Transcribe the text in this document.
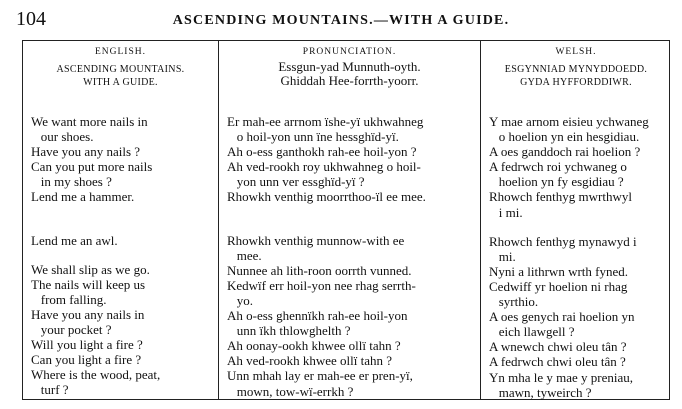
104	ASCENDING MOUNTAINS.—WITH A GUIDE.
ENGLISH.
ASCENDING MOUNTAINS.
WITH A GUIDE.
We want more nails in
our shoes.
Have you any nails ?
Can you put more nails
in my shoes ?
Lend me a hammer.
Lend me an awl.
We shall slip as we go.
The nails will keep us
from falling.
Have you any nails in
your pocket ?
Will you light a fire ?
Can you light a fire ?
Where is the wood, peat,
turf ?
PRONUNCIATION.
Essgun-yad Munnuth-oyth.
Ghiddah Hee-forrth-yoorr.
Er mah-ee arrnom ïshe-yï ukhwahneg
o hoil-yon unn ïne hessghïd-yï.
Ah o-ess ganthokh rah-ee hoil-yon ?
Ah ved-rookh roy ukhwahneg o hoil-
yon unn ver essghïd-yï ?
Rhowkh venthig moorrthoo-ïl ee mee.
Rhowkh venthig munnow-with ee
mee.
Nunnee ah lith-roon oorrth vunned.
Kedwïf err hoil-yon nee rhag serrth-
yo.
Ah o-ess ghennïkh rah-ee hoil-yon
unn ïkh thlowghelth ?
Ah oonay-ookh khwee ollï tahn ?
Ah ved-rookh khwee ollï tahn ?
Unn mhah lay er mah-ee er pren-yï,
mown, tow-wï-errkh ?
WELSH.
ESGYNNIAD MYNYDDOEDD.
GYDA HYFFORDDIWR.
Y mae arnom eisieu ychwaneg
o hoelion yn ein hesgidiau.
A oes ganddoch rai hoelion ?
A fedrwch roi ychwaneg o
hoelion yn fy esgidiau ?
Rhowch fenthyg mwrthwyl
i mi.
Rhowch fenthyg mynawyd i
mi.
Nyni a lithrwn wrth fyned.
Cedwiff yr hoelion ni rhag
syrthio.
A oes genych rai hoelion yn
eich llawgell ?
A wnewch chwi oleu tân ?
A fedrwch chwi oleu tân ?
Yn mha le y mae y preniau,
mawn, tyweirch ?
